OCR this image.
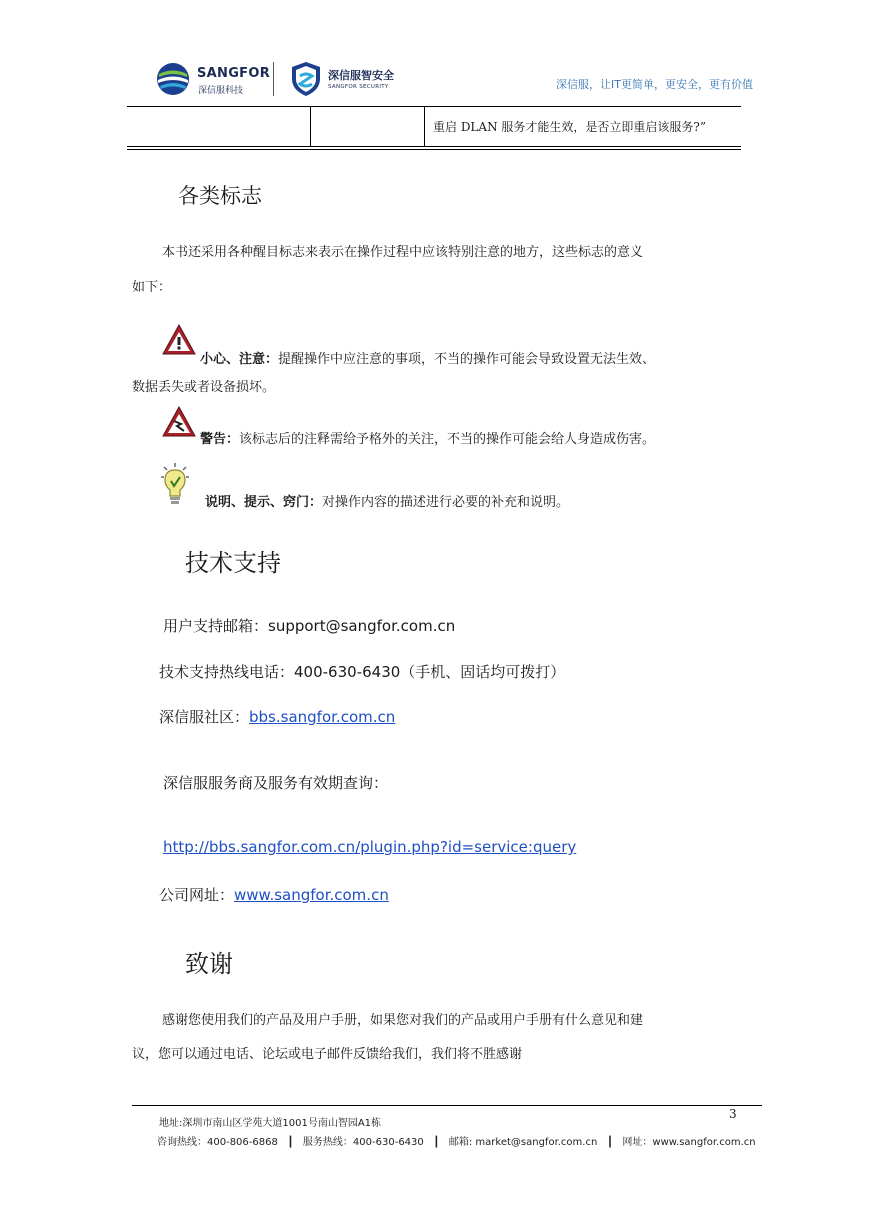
SANGFOR
深信服科技
深信服智安全
SANGFOR SECURITY	深信服，让IT更简单，更安全，更有价值
重启 DLAN 服务才能生效，是否立即重启该服务?”
各类标志
本书还采用各种醒目标志来表示在操作过程中应该特别注意的地方，这些标志的意义
如下：
小心、注意：提醒操作中应注意的事项，不当的操作可能会导致设置无法生效、
数据丢失或者设备损坏。
警告：该标志后的注释需给予格外的关注，不当的操作可能会给人身造成伤害。
说明、提示、窍门：对操作内容的描述进行必要的补充和说明。
技术支持
用户支持邮箱：support@sangfor.com.cn
技术支持热线电话：400-630-6430（手机、固话均可拨打）
深信服社区：bbs.sangfor.com.cn
深信服服务商及服务有效期查询：
http://bbs.sangfor.com.cn/plugin.php?id=service:query
公司网址：www.sangfor.com.cn
致谢
感谢您使用我们的产品及用户手册，如果您对我们的产品或用户手册有什么意见和建
议，您可以通过电话、论坛或电子邮件反馈给我们，我们将不胜感谢
3
地址:深圳市南山区学苑大道1001号南山智园A1栋
咨询热线：400-806-6868   ┃   服务热线：400-630-6430   ┃   邮箱: market@sangfor.com.cn   ┃   网址：www.sangfor.com.cn
